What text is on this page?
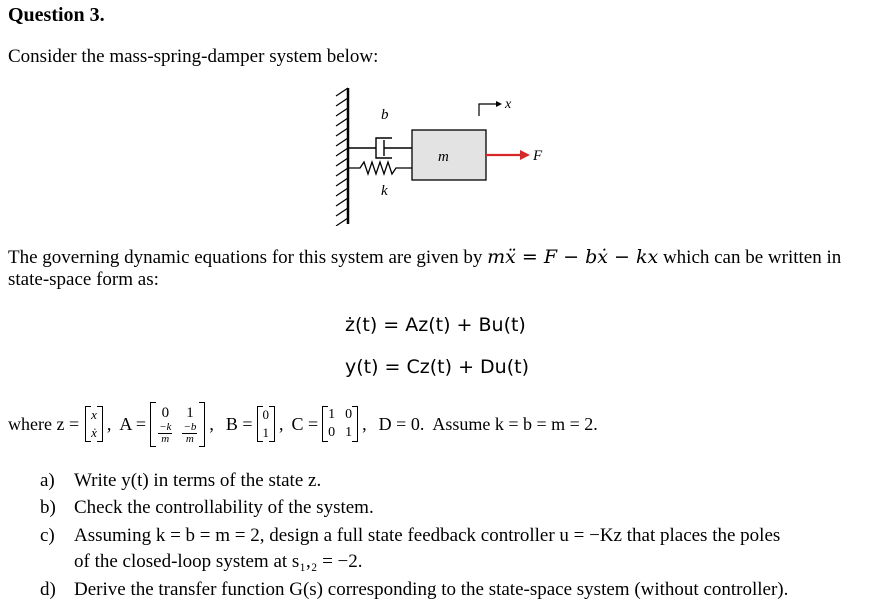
Question 3.
Consider the mass-spring-damper system below:
b
k
m
x
F
The governing dynamic equations for this system are given by mẍ = F − bẋ − kx which can be written in state-space form as:
ż(t) = Az(t) + Bu(t)
y(t) = Cz(t) + Du(t)
where z = x
ẋ , A =
0 1
$\frac{-k}{m} \frac{-b}{m}$ , B = 0
1 , C = 1 0
0 1 , D = 0. Assume k = b = m = 2.
a) Write y(t) in terms of the state z.
b) Check the controllability of the system.
c) Assuming k = b = m = 2, design a full state feedback controller u = −Kz that places the poles
of the closed-loop system at s₁,₂ = −2.
d) Derive the transfer function G(s) corresponding to the state-space system (without controller).
